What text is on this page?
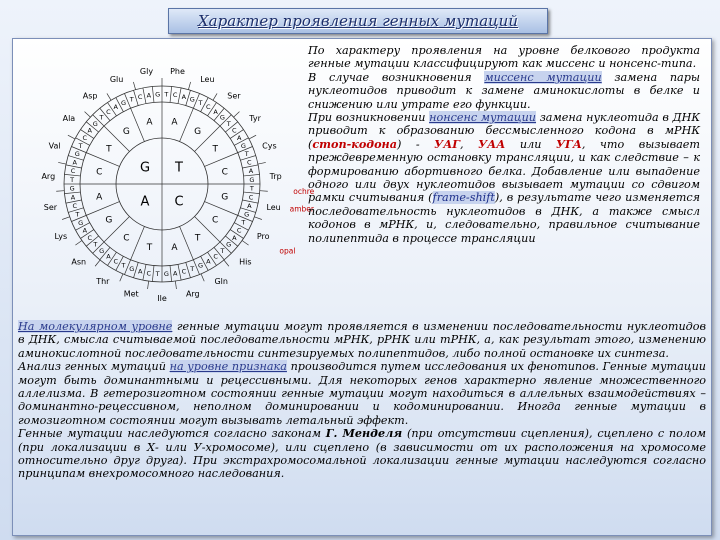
Характер проявления генных мутаций
G T
A C
A
G
T
C
G
C
T
A
T
C
G
A
C
T
G
A
T C A G T
C
A
G
T
C
A
G
T
C
A
G
T
C
A
G
T
C
A
G
T
C
A
G
T
C
A
G
T
C
A
G
T
C
A
G
T
C
A
G
T
C
A
G
T
C
A
G
T
C
A
G
T
C
A
G T C A G
Phe
Leu
Ser
Tyr
Cys
Trp
Leu
Pro
His
Gln
Arg
Ile
Met
Thr
Asn
Lys
Ser
Arg
Val
Ala
Asp
Glu
Gly
ochre
amber
opal
По характеру проявления на уровне белкового продукта генные мутации классифицируют как миссенс и нонсенс-типа.
В случае возникновения миссенс мутации замена пары нуклеотидов приводит к замене аминокислоты в белке и снижению или утрате его функции.
При возникновении нонсенс мутации замена нуклеотида в ДНК приводит к образованию бессмысленного кодона в мРНК (стоп-кодона) - УАГ, УАА или УГА, что вызывает преждевременную остановку трансляции, и как следствие – к формированию абортивного белка. Добавление или выпадение одного или двух нуклеотидов вызывает мутации со сдвигом рамки считывания (frame-shift), в результате чего изменяется последовательность нуклеотидов в ДНК, а также смысл кодонов в мРНК, и, следовательно, правильное считывание полипептида в процессе трансляции
На молекулярном уровне генные мутации могут проявляется в изменении последовательности нуклеотидов в ДНК, смысла считываемой последовательности мРНК, рРНК или тРНК, а, как результат этого, изменению аминокислотной последовательности синтезируемых полипептидов, либо полной остановке их синтеза.
Анализ генных мутаций на уровне признака производится путем исследования их фенотипов. Генные мутации могут быть доминантными и рецессивными. Для некоторых генов характерно явление множественного аллелизма. В гетерозиготном состоянии генные мутации могут находиться в аллельных взаимодействиях – доминантно-рецессивном, неполном доминировании и кодоминировании. Иногда генные мутации в гомозиготном состоянии могут вызывать летальный эффект.
Генные мутации наследуются согласно законам Г. Менделя (при отсутствии сцепления), сцеплено с полом (при локализации в Х- или У-хромосоме), или сцеплено (в зависимости от их расположения на хромосоме относительно друг друга). При экстрахромосомальной локализации генные мутации наследуются согласно принципам внехромосомного наследования.
